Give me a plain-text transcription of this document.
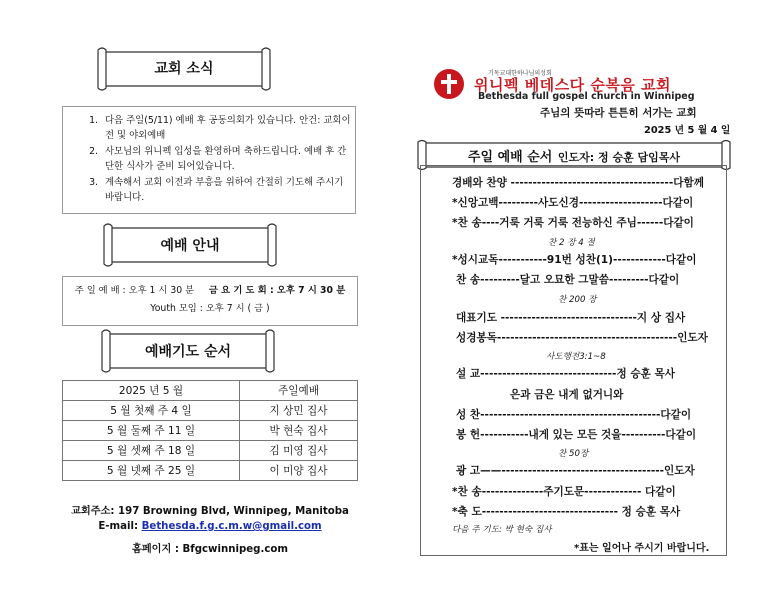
교회 소식
1. 다음 주일(5/11) 예배 후 공동의회가 있습니다. 안건: 교회이전 및 야외예배
2. 사모님의 위니펙 입성을 환영하며 축하드립니다. 예배 후 간단한 식사가 준비 되어있습니다.
3. 계속해서 교회 이전과 부흥을 위하여 간절히 기도해 주시기 바랍니다.
예배 안내
주 일 예 배 : 오후 1 시 30 분 금 요 기 도 회 : 오후 7 시 30 분
Youth 모임 : 오후 7 시 ( 금 )
예배기도 순서
2025 년 5 월	주일예배
5 월 첫째 주 4 일	지 상민 집사
5 월 둘째 주 11 일	박 현숙 집사
5 월 셋째 주 18 일	김 미영 집사
5 월 넷째 주 25 일	이 미양 집사
교회주소: 197 Browning Blvd, Winnipeg, Manitoba
E-mail: Bethesda.f.g.c.m.w@gmail.com
홈페이지 : Bfgcwinnipeg.com
기독교대한하나님의성회
위니펙 베데스다 순복음 교회
Bethesda full gospel church in Winnipeg
주님의 뜻따라 튼튼히 서가는 교회
2025 년 5 월 4 일
주일 예배 순서 인도자: 정 승훈 담임목사
경배와 찬양 -------------------------------------다함께
*신앙고백---------사도신경-------------------다같이
*찬 송----거룩 거룩 거룩 전능하신 주님------다같이
찬 2 장 4 절
*성시교독-----------91번 성찬(1)------------다같이
찬 송---------달고 오묘한 그말씀---------다같이
찬 200 장
대표기도 -------------------------------지 상 집사
성경봉독-----------------------------------------인도자
사도행전3:1~8
설 교-------------------------------정 승훈 목사
은과 금은 내게 없거니와
성 찬-----------------------------------------다같이
봉 헌-----------내게 있는 모든 것을----------다같이
찬 50장
광 고——-------------------------------------인도자
*찬 송--------------주기도문------------- 다같이
*축 도------------------------------- 정 승훈 목사
다음 주 기도: 박 현숙 집사
*표는 일어나 주시기 바랍니다.
